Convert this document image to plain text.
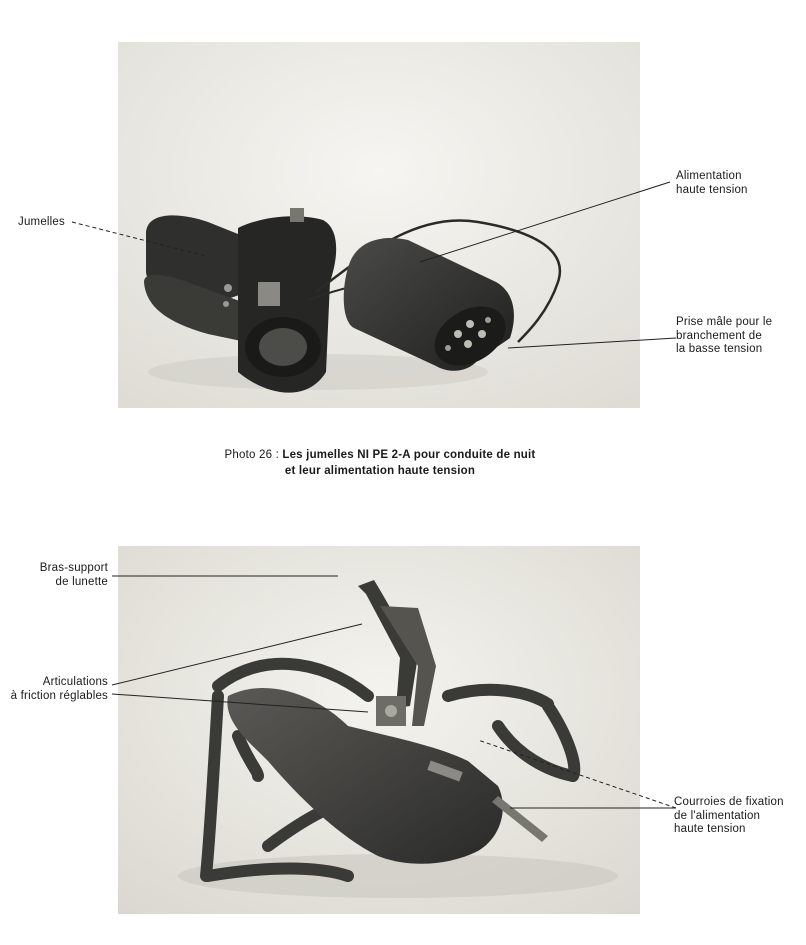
Jumelles
Alimentation
haute tension
Prise mâle pour le
branchement de
la basse tension
Photo 26 : Les jumelles NI PE 2-A pour conduite de nuit
et leur alimentation haute tension
Bras-support
de lunette
Articulations
à friction réglables
Courroies de fixation
de l'alimentation
haute tension
